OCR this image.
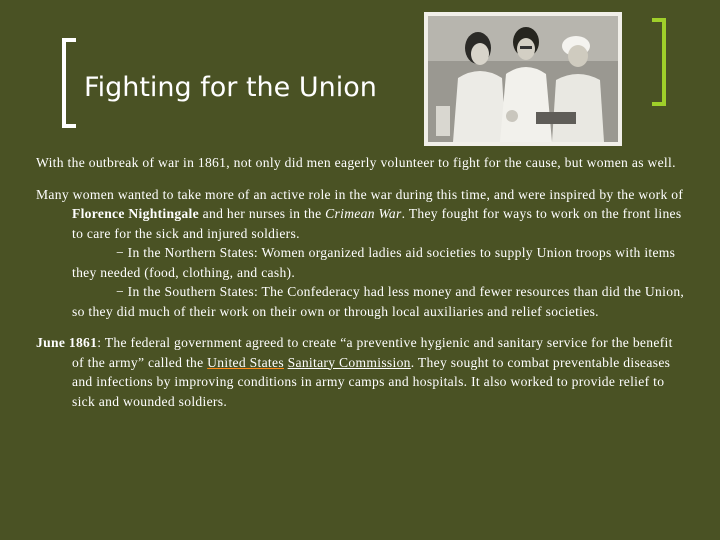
Fighting for the Union

With the outbreak of war in 1861, not only did men eagerly volunteer to fight for the cause, but women as well.

Many women wanted to take more of an active role in the war during this time, and were inspired by the work of Florence Nightingale and her nurses in the Crimean War. They fought for ways to work on the front lines to care for the sick and injured soldiers.

− In the Northern States: Women organized ladies aid societies to supply Union troops with items they needed (food, clothing, and cash).

− In the Southern States: The Confederacy had less money and fewer resources than did the Union, so they did much of their work on their own or through local auxiliaries and relief societies.

June 1861: The federal government agreed to create “a preventive hygienic and sanitary service for the benefit of the army” called the United States Sanitary Commission. They sought to combat preventable diseases and infections by improving conditions in army camps and hospitals. It also worked to provide relief to sick and wounded soldiers.
